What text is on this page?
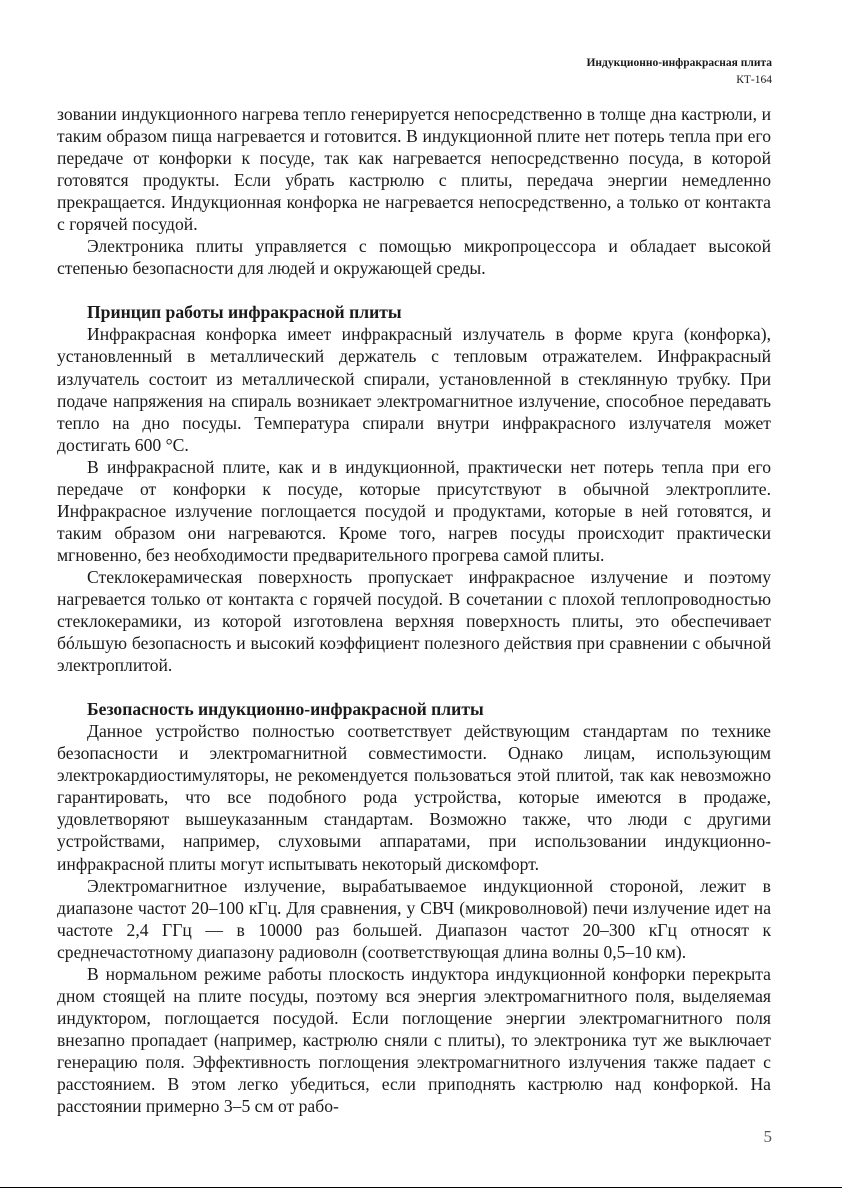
Индукционно-инфракрасная плита
КТ-164

зовании индукционного нагрева тепло генерируется непосредственно в толще дна кастрюли, и таким образом пища нагревается и готовится. В индукционной плите нет потерь тепла при его передаче от конфорки к посуде, так как нагревается непосредственно посуда, в которой готовятся продукты. Если убрать кастрюлю с плиты, передача энергии немедленно прекращается. Индукционная конфорка не нагревается непосредственно, а только от контакта с горячей посудой.

Электроника плиты управляется с помощью микропроцессора и обладает высокой степенью безопасности для людей и окружающей среды.

Принцип работы инфракрасной плиты

Инфракрасная конфорка имеет инфракрасный излучатель в форме круга (конфорка), установленный в металлический держатель с тепловым отражателем. Инфракрасный излучатель состоит из металлической спирали, установленной в стеклянную трубку. При подаче напряжения на спираль возникает электромагнитное излучение, способное передавать тепло на дно посуды. Температура спирали внутри инфракрасного излучателя может достигать 600 °С.

В инфракрасной плите, как и в индукционной, практически нет потерь тепла при его передаче от конфорки к посуде, которые присутствуют в обычной электроплите. Инфракрасное излучение поглощается посудой и продуктами, которые в ней готовятся, и таким образом они нагреваются. Кроме того, нагрев посуды происходит практически мгновенно, без необходимости предварительного прогрева самой плиты.

Стеклокерамическая поверхность пропускает инфракрасное излучение и поэтому нагревается только от контакта с горячей посудой. В сочетании с плохой теплопроводностью стеклокерамики, из которой изготовлена верхняя поверхность плиты, это обеспечивает бóльшую безопасность и высокий коэффициент полезного действия при сравнении с обычной электроплитой.

Безопасность индукционно-инфракрасной плиты

Данное устройство полностью соответствует действующим стандартам по технике безопасности и электромагнитной совместимости. Однако лицам, использующим электрокардиостимуляторы, не рекомендуется пользоваться этой плитой, так как невозможно гарантировать, что все подобного рода устройства, которые имеются в продаже, удовлетворяют вышеуказанным стандартам. Возможно также, что люди с другими устройствами, например, слуховыми аппаратами, при использовании индукционно-инфракрасной плиты могут испытывать некоторый дискомфорт.

Электромагнитное излучение, вырабатываемое индукционной стороной, лежит в диапазоне частот 20–100 кГц. Для сравнения, у СВЧ (микроволновой) печи излучение идет на частоте 2,4 ГГц — в 10000 раз большей. Диапазон частот 20–300 кГц относят к среднечастотному диапазону радиоволн (соответствующая длина волны 0,5–10 км).

В нормальном режиме работы плоскость индуктора индукционной конфорки перекрыта дном стоящей на плите посуды, поэтому вся энергия электромагнитного поля, выделяемая индуктором, поглощается посудой. Если поглощение энергии электромагнитного поля внезапно пропадает (например, кастрюлю сняли с плиты), то электроника тут же выключает генерацию поля. Эффективность поглощения электромагнитного излучения также падает с расстоянием. В этом легко убедиться, если приподнять кастрюлю над конфоркой. На расстоянии примерно 3–5 см от рабо-

5
